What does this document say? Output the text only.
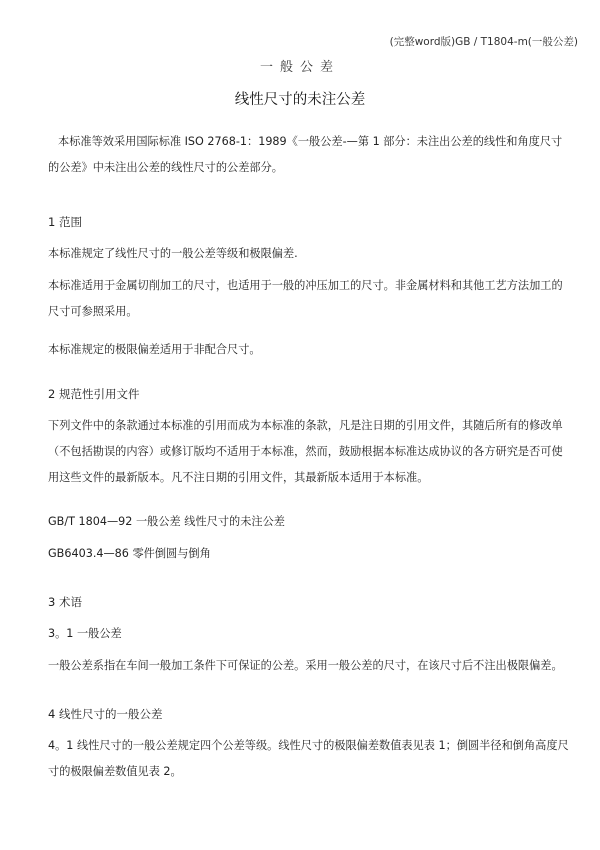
(完整word版)GB / T1804-m(一般公差)
一般公差
线性尺寸的未注公差
本标准等效采用国际标准 ISO 2768-1：1989《一般公差-—第 1 部分：未注出公差的线性和角度尺寸的公差》中未注出公差的线性尺寸的公差部分。
1 范围
本标准规定了线性尺寸的一般公差等级和极限偏差.
本标准适用于金属切削加工的尺寸，也适用于一般的冲压加工的尺寸。非金属材料和其他工艺方法加工的尺寸可参照采用。
本标准规定的极限偏差适用于非配合尺寸。
2 规范性引用文件
下列文件中的条款通过本标准的引用而成为本标准的条款，凡是注日期的引用文件，其随后所有的修改单（不包括勘误的内容）或修订版均不适用于本标准，然而，鼓励根据本标准达成协议的各方研究是否可使用这些文件的最新版本。凡不注日期的引用文件，其最新版本适用于本标准。
GB/T 1804—92 一般公差 线性尺寸的未注公差
GB6403.4—86 零件倒圆与倒角
3 术语
3。1 一般公差
一般公差系指在车间一般加工条件下可保证的公差。采用一般公差的尺寸，在该尺寸后不注出极限偏差。
4 线性尺寸的一般公差
4。1 线性尺寸的一般公差规定四个公差等级。线性尺寸的极限偏差数值表见表 1；倒圆半径和倒角高度尺寸的极限偏差数值见表 2。
